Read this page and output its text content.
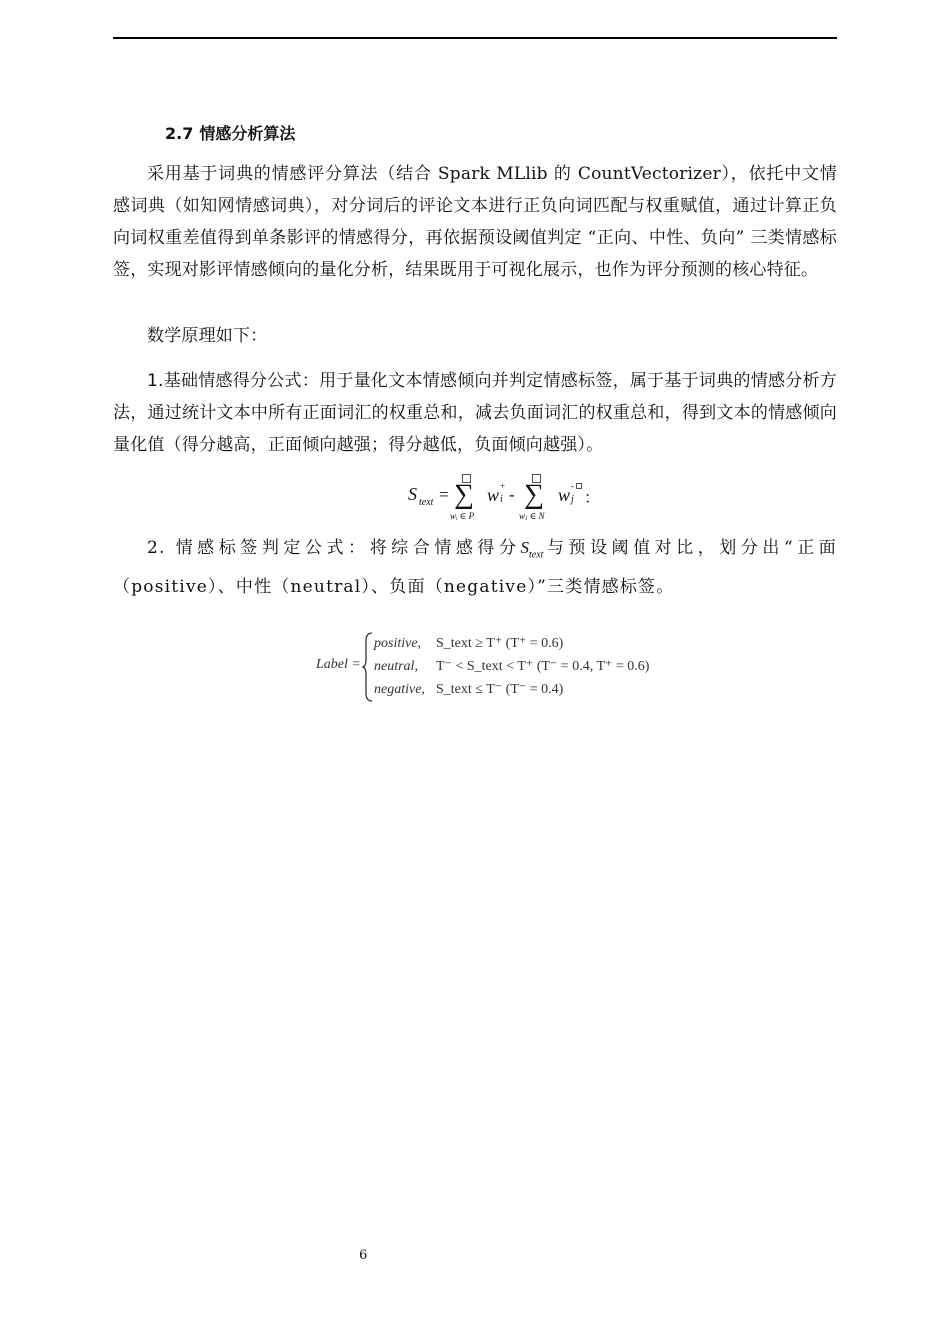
2.7 情感分析算法
采用基于词典的情感评分算法（结合 Spark MLlib 的 CountVectorizer），依托中文情感词典（如知网情感词典），对分词后的评论文本进行正负向词匹配与权重赋值，通过计算正负向词权重差值得到单条影评的情感得分，再依据预设阈值判定 “正向、中性、负向” 三类情感标签，实现对影评情感倾向的量化分析，结果既用于可视化展示，也作为评分预测的核心特征。
数学原理如下：
1.基础情感得分公式：用于量化文本情感倾向并判定情感标签，属于基于词典的情感分析方法，通过统计文本中所有正面词汇的权重总和，减去负面词汇的权重总和，得到文本的情感倾向量化值（得分越高，正面倾向越强；得分越低，负面倾向越强）。
S text = ∑
wᵢ ∈ P
w +
i - ∑
wⱼ ∈ N
w -
j ：
2. 情感标签判定公式：将综合情感得分$S_{text}$与预设阈值对比，划分出“正面（positive）、中性（neutral）、负面（negative）”三类情感标签。
Label =
positive, S_text ≥ T⁺ (T⁺ = 0.6)
neutral, T⁻ < S_text < T⁺ (T⁻ = 0.4, T⁺ = 0.6)
negative, S_text ≤ T⁻ (T⁻ = 0.4)
6
